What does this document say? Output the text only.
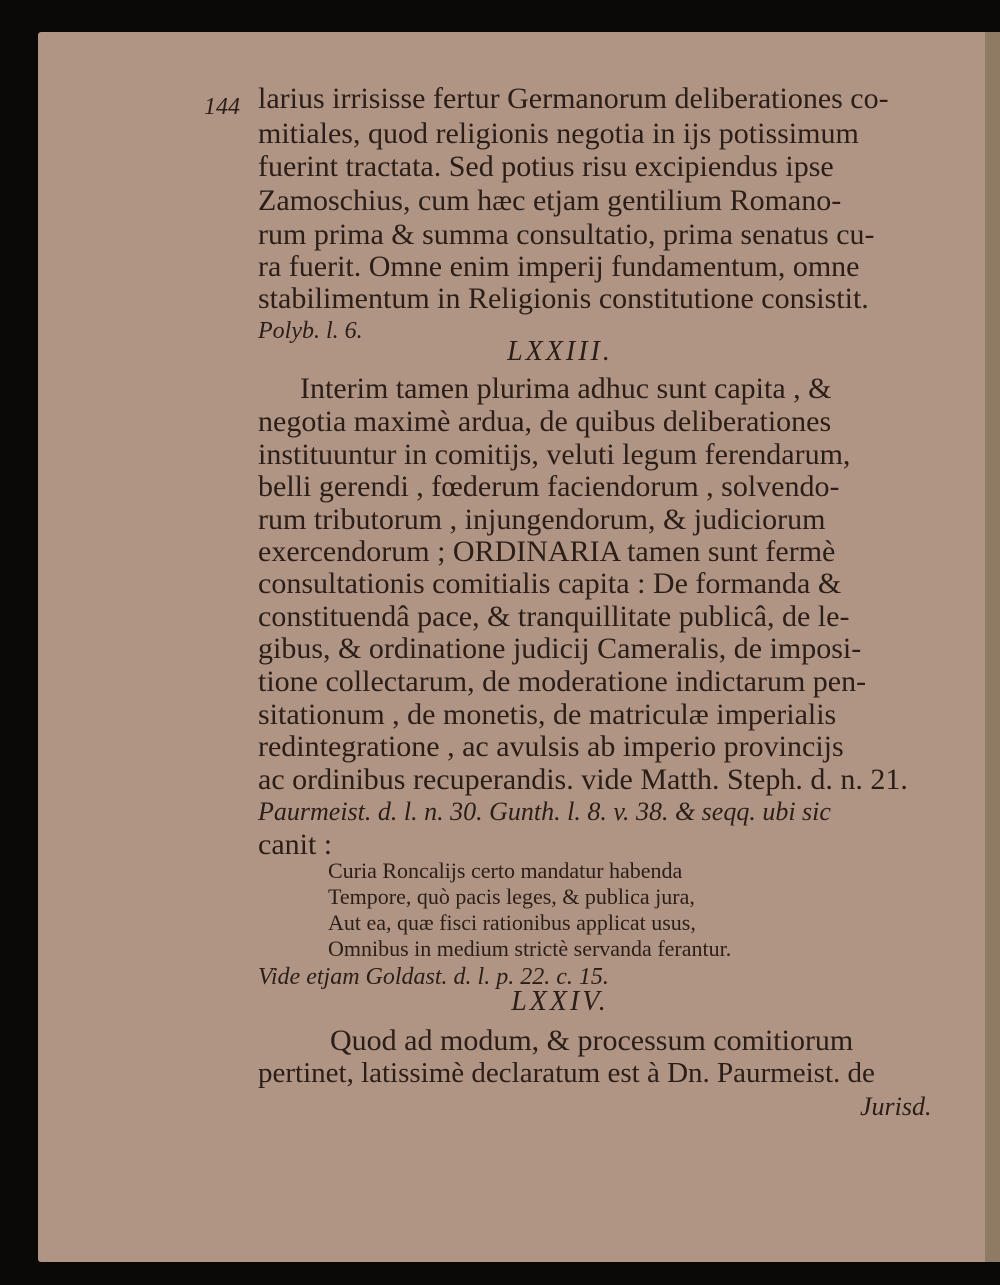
144 larius irrisisse fertur Germanorum deliberationes co-
mitiales, quod religionis negotia in ijs potissimum
fuerint tractata. Sed potius risu excipiendus ipse
Zamoschius, cum hæc etjam gentilium Romano-
rum prima & summa consultatio, prima senatus cu-
ra fuerit. Omne enim imperij fundamentum, omne
stabilimentum in Religionis constitutione consistit.
Polyb. l. 6.
LXXIII.
Interim tamen plurima adhuc sunt capita , &
negotia maximè ardua, de quibus deliberationes
instituuntur in comitijs, veluti legum ferendarum,
belli gerendi , fœderum faciendorum , solvendo-
rum tributorum , injungendorum, & judiciorum
exercendorum ; ORDINARIA tamen sunt fermè
consultationis comitialis capita : De formanda &
constituendâ pace, & tranquillitate publicâ, de le-
gibus, & ordinatione judicij Cameralis, de imposi-
tione collectarum, de moderatione indictarum pen-
sitationum , de monetis, de matriculæ imperialis
redintegratione , ac avulsis ab imperio provincijs
ac ordinibus recuperandis. vide Matth. Steph. d. n. 21.
Paurmeist. d. l. n. 30. Gunth. l. 8. v. 38. & seqq. ubi sic
canit :
Curia Roncalijs certo mandatur habenda
Tempore, quò pacis leges, & publica jura,
Aut ea, quæ fisci rationibus applicat usus,
Omnibus in medium strictè servanda ferantur.
Vide etjam Goldast. d. l. p. 22. c. 15.
LXXIV.
Quod ad modum, & processum comitiorum
pertinet, latissimè declaratum est à Dn. Paurmeist. de
Jurisd.
